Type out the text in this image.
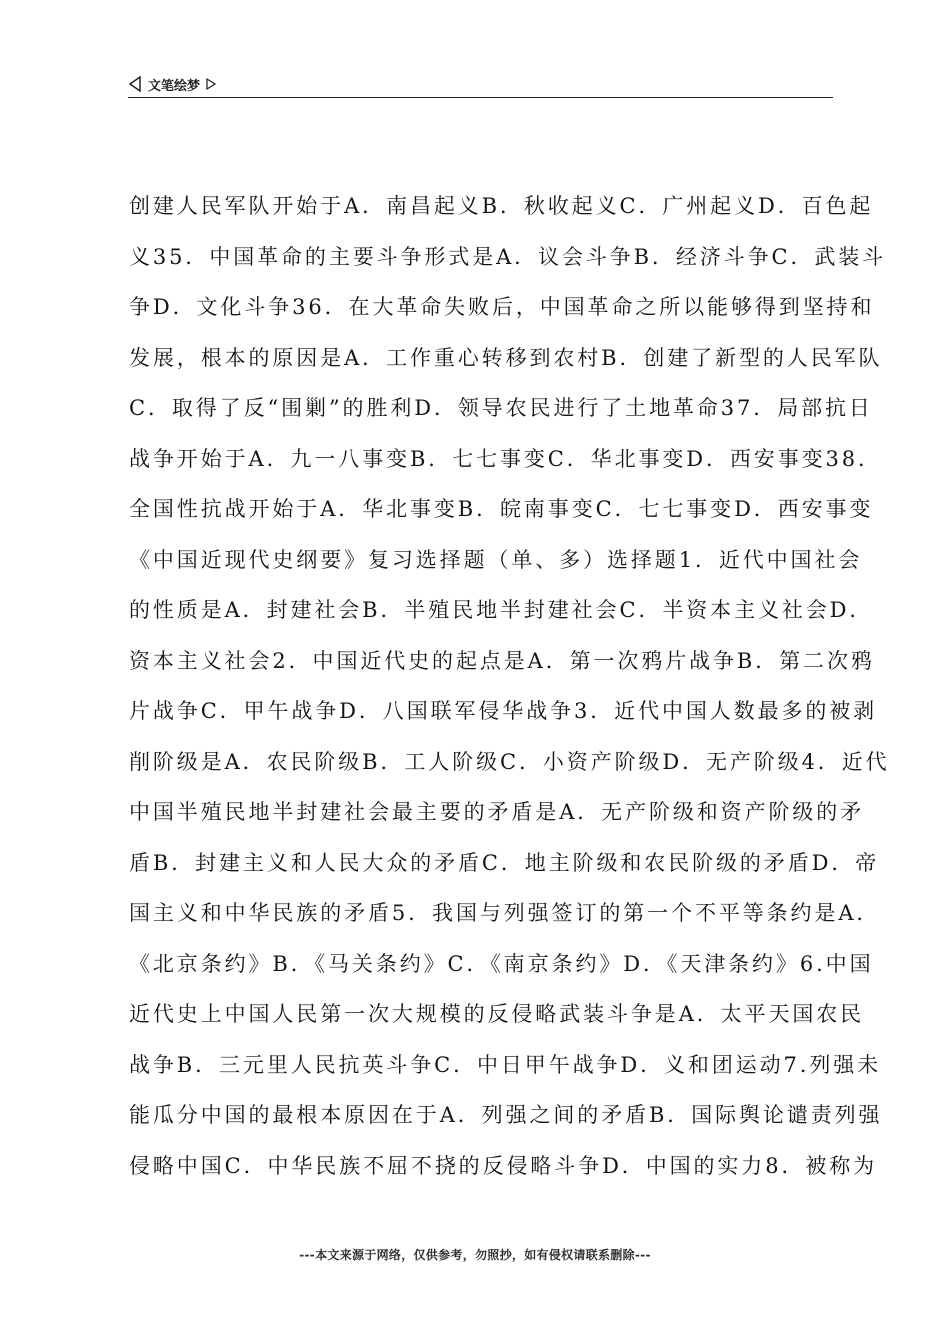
文笔绘梦
创建人民军队开始于A．南昌起义B．秋收起义C．广州起义D．百色起
义35．中国革命的主要斗争形式是A．议会斗争B．经济斗争C．武装斗
争D．文化斗争36．在大革命失败后，中国革命之所以能够得到坚持和
发展，根本的原因是A．工作重心转移到农村B．创建了新型的人民军队
C．取得了反“围剿”的胜利D．领导农民进行了土地革命37．局部抗日
战争开始于A．九一八事变B．七七事变C．华北事变D．西安事变38．
全国性抗战开始于A．华北事变B．皖南事变C．七七事变D．西安事变
《中国近现代史纲要》复习选择题（单、多）选择题1．近代中国社会
的性质是A．封建社会B．半殖民地半封建社会C．半资本主义社会D．
资本主义社会2．中国近代史的起点是A．第一次鸦片战争B．第二次鸦
片战争C．甲午战争D．八国联军侵华战争3．近代中国人数最多的被剥
削阶级是A．农民阶级B．工人阶级C．小资产阶级D．无产阶级4．近代
中国半殖民地半封建社会最主要的矛盾是A．无产阶级和资产阶级的矛
盾B．封建主义和人民大众的矛盾C．地主阶级和农民阶级的矛盾D．帝
国主义和中华民族的矛盾5．我国与列强签订的第一个不平等条约是A．
《北京条约》B．《马关条约》C．《南京条约》D．《天津条约》6.中国
近代史上中国人民第一次大规模的反侵略武装斗争是A．太平天国农民
战争B．三元里人民抗英斗争C．中日甲午战争D．义和团运动7.列强未
能瓜分中国的最根本原因在于A．列强之间的矛盾B．国际舆论谴责列强
侵略中国C．中华民族不屈不挠的反侵略斗争D．中国的实力8．被称为
---本文来源于网络，仅供参考，勿照抄，如有侵权请联系删除---
